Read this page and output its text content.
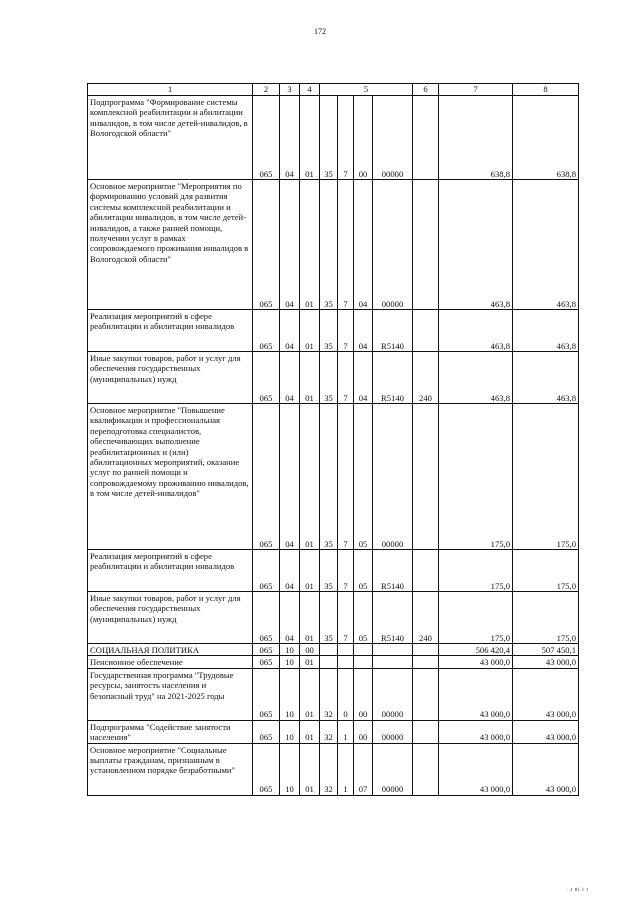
172
1	2	3	4	5				6	7	8
Подпрограмма "Формирование системы комплексной реабилитации и абилитации инвалидов, в том числе детей-инвалидов, в Вологодской области"	065	04	01	35	7	00	00000		638,8	638,8
Основное мероприятие "Мероприятия по формированию условий для развития системы комплексной реабилитации и абилитации инвалидов, в том числе детей-инвалидов, а также ранней помощи, получении услуг в рамках сопровождаемого проживания инвалидов в Вологодской области"	065	04	01	35	7	04	00000		463,8	463,8
Реализация мероприятий в сфере реабилитации и абилитации инвалидов	065	04	01	35	7	04	R5140		463,8	463,8
Иные закупки товаров, работ и услуг для обеспечения государственных (муниципальных) нужд	065	04	01	35	7	04	R5140	240	463,8	463,8
Основное мероприятие "Повышение квалификации и профессиональная переподготовка специалистов, обеспечивающих выполнение реабилитационных и (или) абилитационных мероприятий, оказание услуг по ранней помощи и сопровождаемому проживанию инвалидов, в том числе детей-инвалидов"	065	04	01	35	7	05	00000		175,0	175,0
Реализация мероприятий в сфере реабилитации и абилитации инвалидов	065	04	01	35	7	05	R5140		175,0	175,0
Иные закупки товаров, работ и услуг для обеспечения государственных (муниципальных) нужд	065	04	01	35	7	05	R5140	240	175,0	175,0
СОЦИАЛЬНАЯ ПОЛИТИКА	065	10	00						506 420,4	507 450,1
Пенсионное обеспечение	065	10	01						43 000,0	43 000,0
Государственная программа "Трудовые ресурсы, занятость населения и безопасный труд" на 2021-2025 годы	065	10	01	32	0	00	00000		43 000,0	43 000,0
Подпрограмма "Содействие занятости населения"	065	10	01	32	1	00	00000		43 000,0	43 000,0
Основное мероприятие "Социальные выплаты гражданам, признанным в установленном порядке безработными"	065	10	01	32	1	07	00000		43 000,0	43 000,0
· ı ві і ı
